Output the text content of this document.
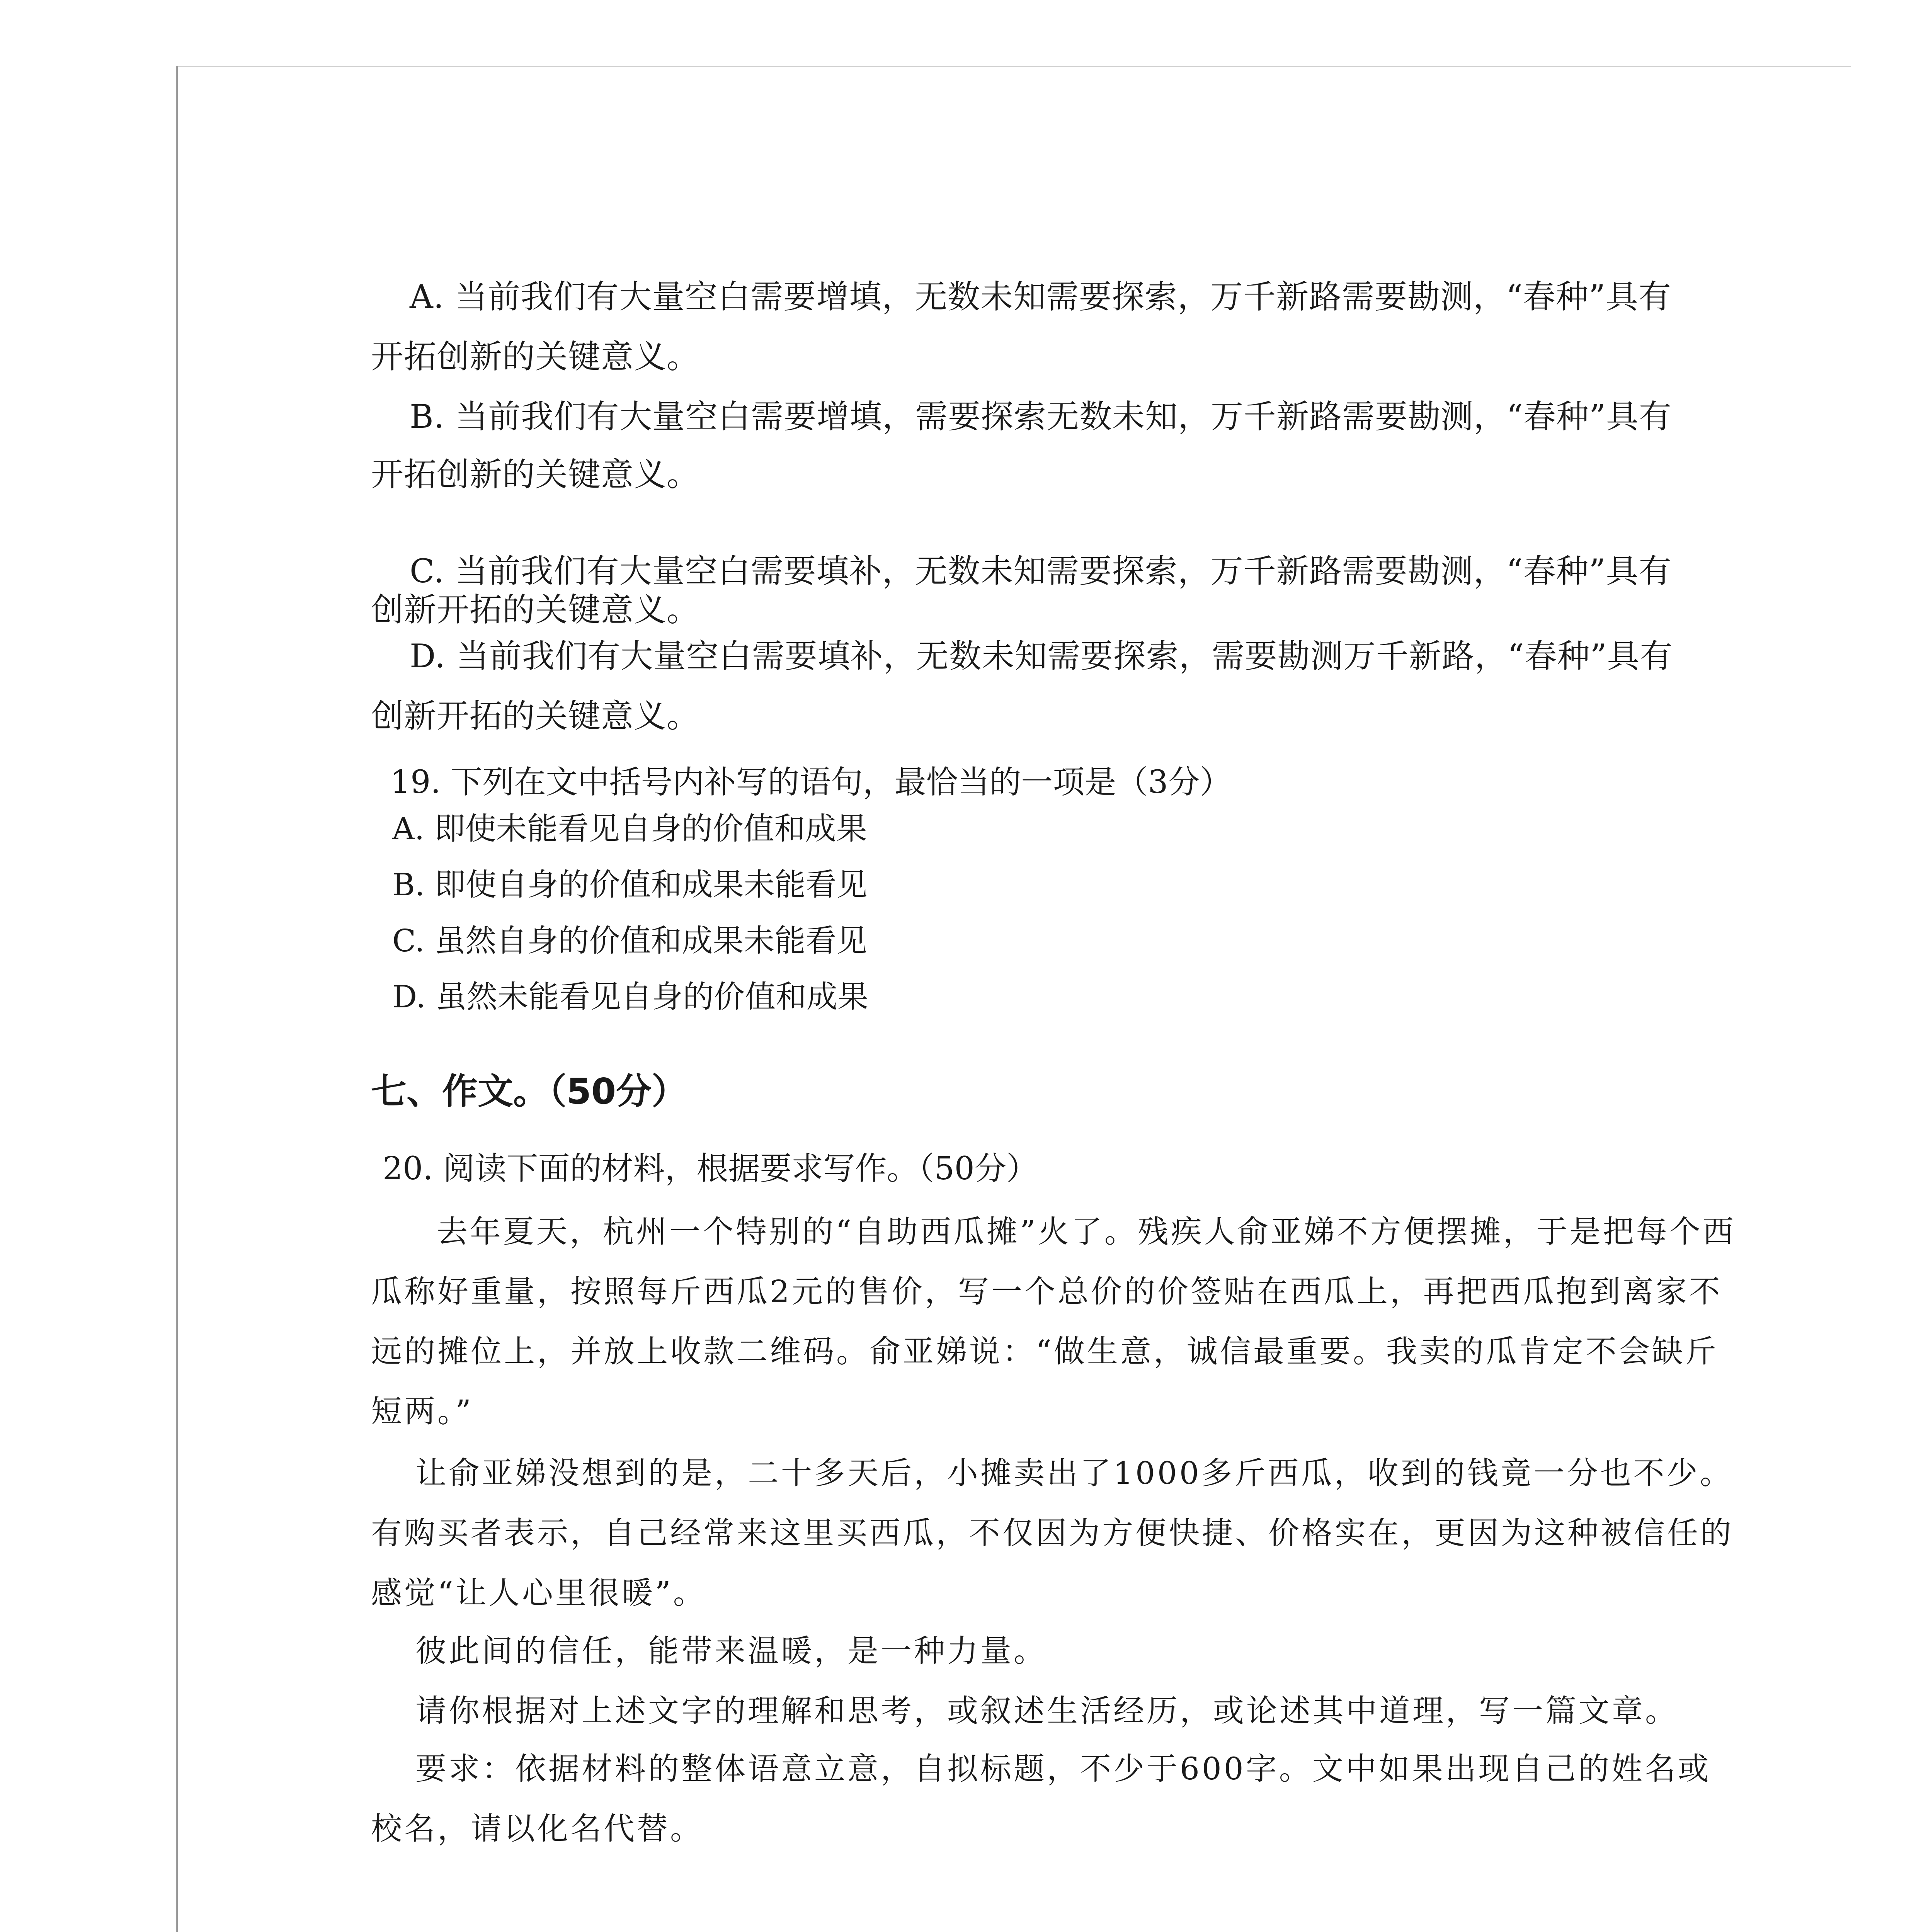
A. 当前我们有大量空白需要增填，无数未知需要探索，万千新路需要勘测，“春种”具有

开拓创新的关键意义。

B. 当前我们有大量空白需要增填，需要探索无数未知，万千新路需要勘测，“春种”具有

开拓创新的关键意义。

C. 当前我们有大量空白需要填补，无数未知需要探索，万千新路需要勘测，“春种”具有

创新开拓的关键意义。

D. 当前我们有大量空白需要填补，无数未知需要探索，需要勘测万千新路，“春种”具有

创新开拓的关键意义。

19. 下列在文中括号内补写的语句，最恰当的一项是（3分）

A. 即使未能看见自身的价值和成果

B. 即使自身的价值和成果未能看见

C. 虽然自身的价值和成果未能看见

D. 虽然未能看见自身的价值和成果

七、作文。（50分）

20. 阅读下面的材料，根据要求写作。（50分）

去年夏天，杭州一个特别的“自助西瓜摊”火了。残疾人俞亚娣不方便摆摊，于是把每个西瓜称好重量，按照每斤西瓜2元的售价，写一个总价的价签贴在西瓜上，再把西瓜抱到离家不远的摊位上，并放上收款二维码。俞亚娣说：“做生意，诚信最重要。我卖的瓜肯定不会缺斤短两。”

让俞亚娣没想到的是，二十多天后，小摊卖出了1000多斤西瓜，收到的钱竟一分也不少。有购买者表示，自己经常来这里买西瓜，不仅因为方便快捷、价格实在，更因为这种被信任的感觉“让人心里很暖”。

彼此间的信任，能带来温暖，是一种力量。

请你根据对上述文字的理解和思考，或叙述生活经历，或论述其中道理，写一篇文章。

要求：依据材料的整体语意立意，自拟标题，不少于600字。文中如果出现自己的姓名或校名，请以化名代替。
